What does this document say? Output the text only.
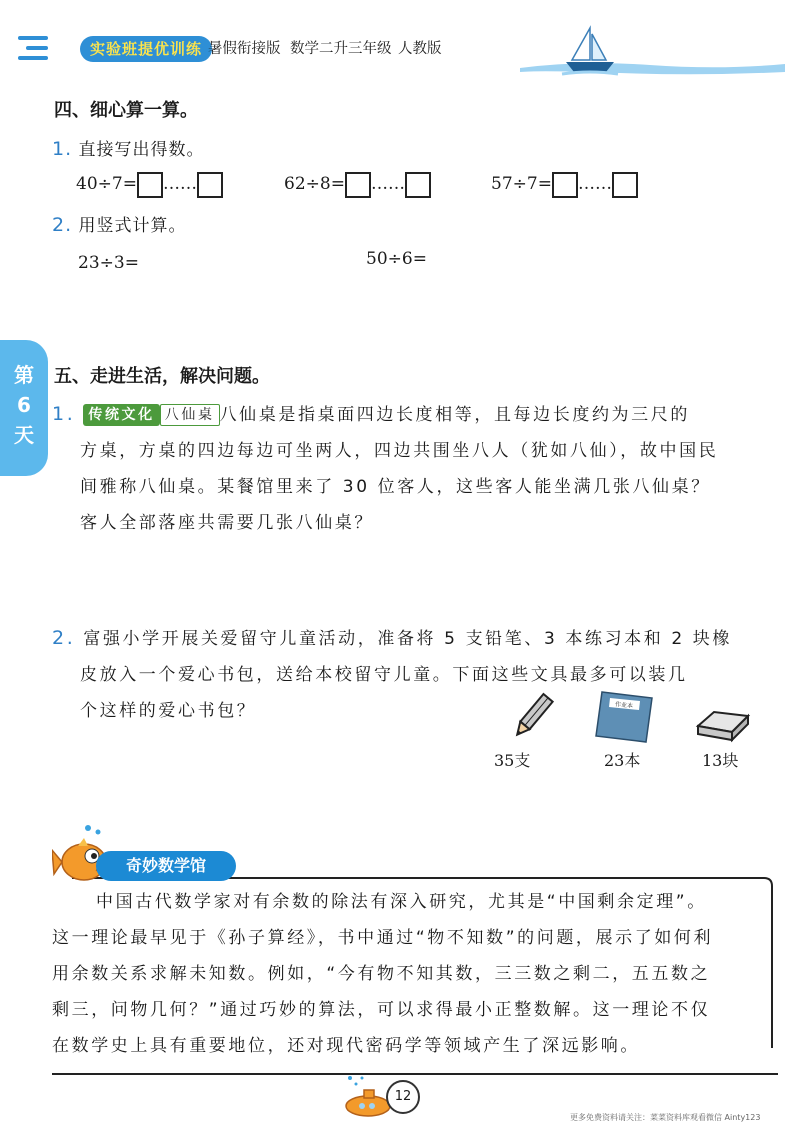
实验班提优训练 暑假衔接版 数学二升三年级 人教版
第
6
天
四、细心算一算。
1. 直接写出得数。
40÷7= ……	62÷8= ……	57÷7= ……
2. 用竖式计算。
23÷3=	50÷6=
五、走进生活，解决问题。
1. 传统文化 八仙桌 八仙桌是指桌面四边长度相等，且每边长度约为三尺的
方桌，方桌的四边每边可坐两人，四边共围坐八人（犹如八仙），故中国民
间雅称八仙桌。某餐馆里来了 30 位客人，这些客人能坐满几张八仙桌？
客人全部落座共需要几张八仙桌？
2. 富强小学开展关爱留守儿童活动，准备将 5 支铅笔、3 本练习本和 2 块橡
皮放入一个爱心书包，送给本校留守儿童。下面这些文具最多可以装几
个这样的爱心书包？
35支
作业本
23本	13块
奇妙数学馆
中国古代数学家对有余数的除法有深入研究，尤其是“中国剩余定理”。
这一理论最早见于《孙子算经》，书中通过“物不知数”的问题，展示了如何利
用余数关系求解未知数。例如，“今有物不知其数，三三数之剩二，五五数之
剩三，问物几何？”通过巧妙的算法，可以求得最小正整数解。这一理论不仅
在数学史上具有重要地位，还对现代密码学等领域产生了深远影响。
12
更多免费资料请关注：菜菜资料库观看微信 Ainty123
